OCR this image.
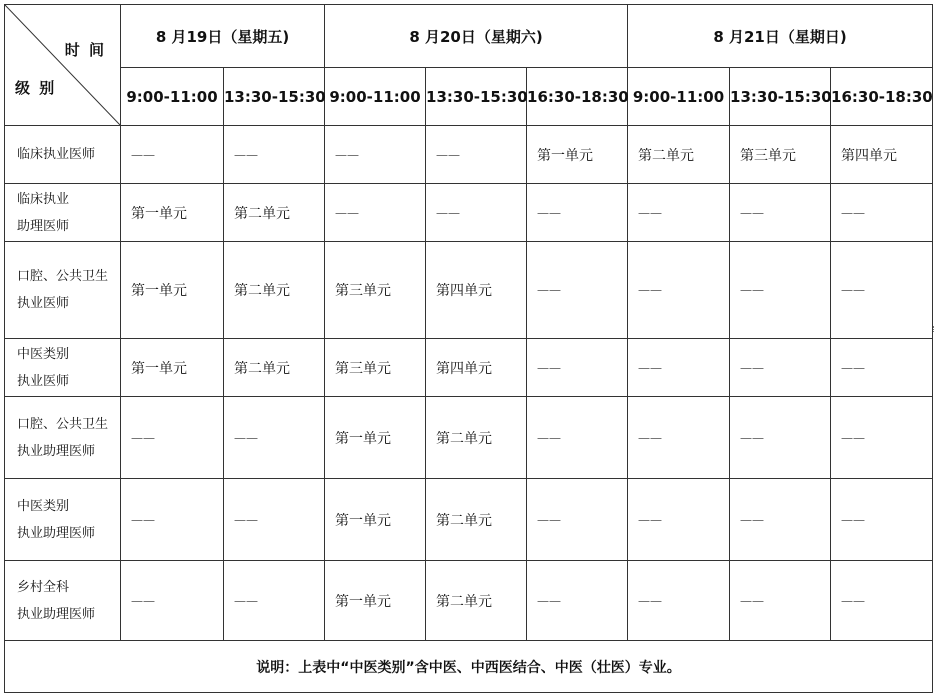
时 间
级 别	8 月19日（星期五)		8 月20日（星期六)			8 月21日（星期日)		
	9:00-11:00	13:30-15:30	9:00-11:00	13:30-15:30	16:30-18:30	9:00-11:00	13:30-15:30	16:30-18:30

临床执业医师	——	——	——	——	第一单元	第二单元	第三单元	第四单元

临床执业
助理医师	第一单元	第二单元	——	——	——	——	——	——

口腔、公共卫生
执业医师	第一单元	第二单元	第三单元	第四单元	——	——	——	——

中医类别
执业医师	第一单元	第二单元	第三单元	第四单元	——	——	——	——

口腔、公共卫生
执业助理医师	——	——	第一单元	第二单元	——	——	——	——

中医类别
执业助理医师	——	——	第一单元	第二单元	——	——	——	——

乡村全科
执业助理医师	——	——	第一单元	第二单元	——	——	——	——
说明：上表中“中医类别”含中医、中西医结合、中医（壮医）专业。								
